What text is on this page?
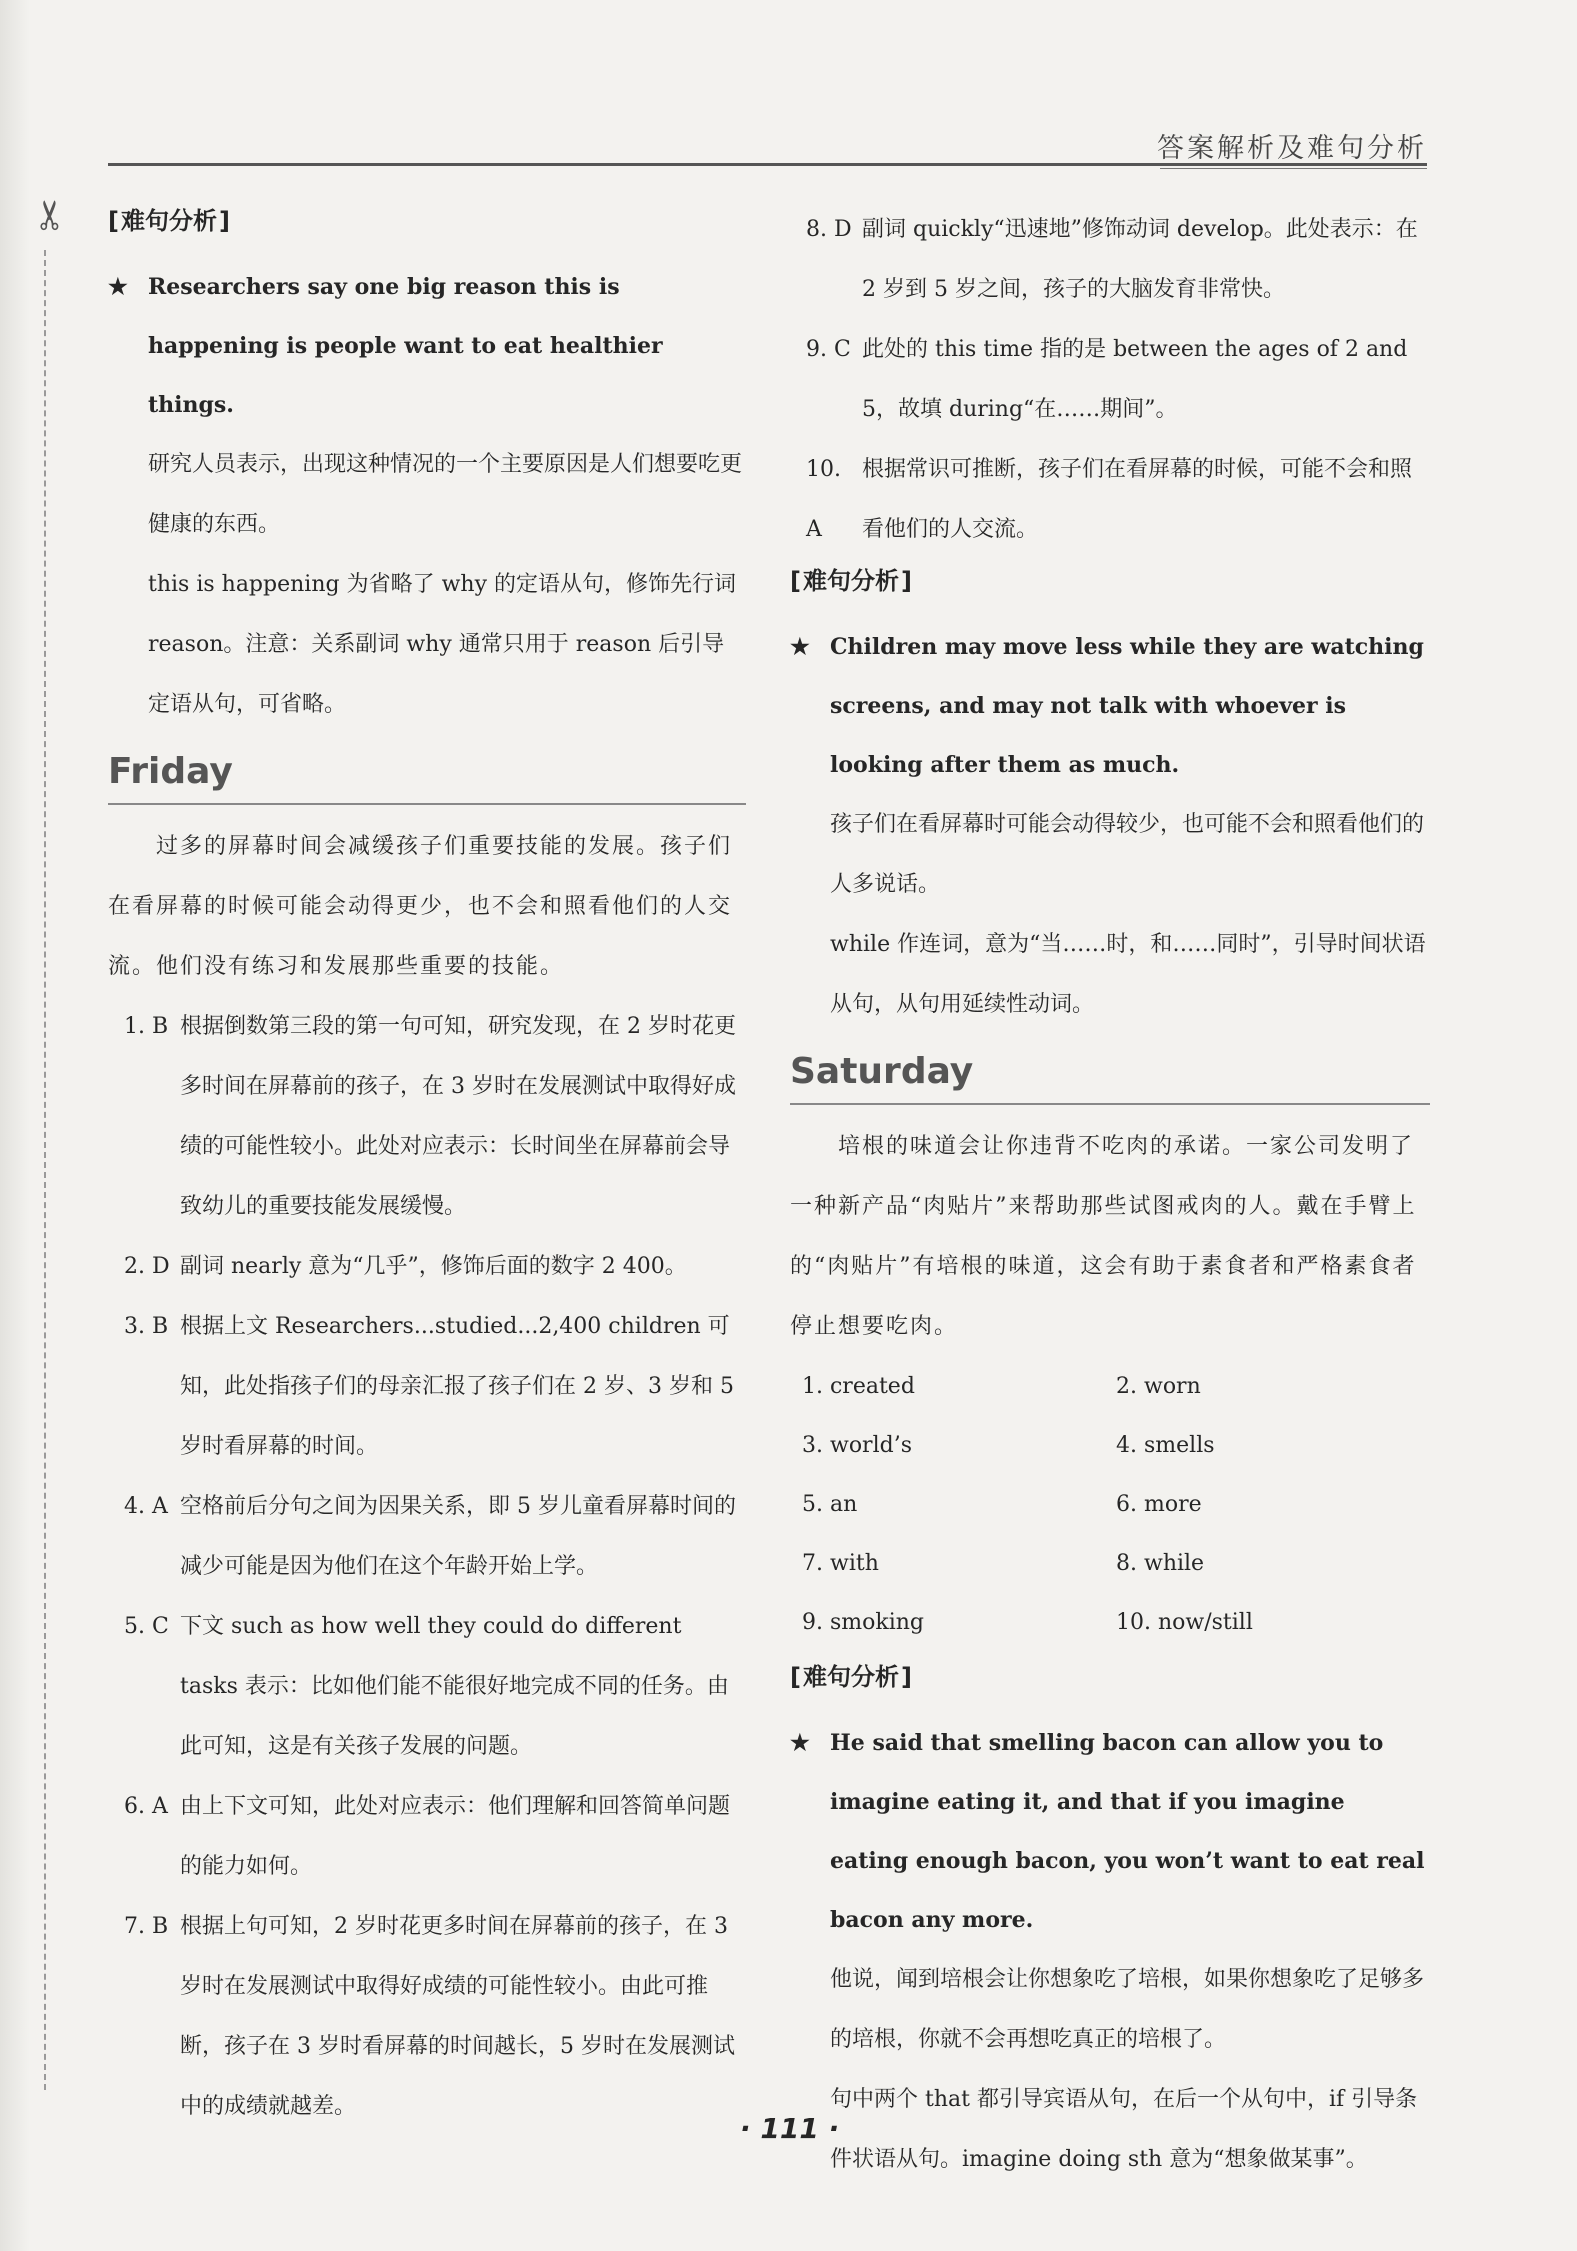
答案解析及难句分析
✂ [难句分析]
★ Researchers say one big reason this is happening is people want to eat healthier things.

研究人员表示，出现这种情况的一个主要原因是人们想要吃更健康的东西。

this is happening 为省略了 why 的定语从句，修饰先行词 reason。注意：关系副词 why 通常只用于 reason 后引导定语从句，可省略。

Friday
过多的屏幕时间会减缓孩子们重要技能的发展。孩子们在看屏幕的时候可能会动得更少，也不会和照看他们的人交流。他们没有练习和发展那些重要的技能。
1. B 根据倒数第三段的第一句可知，研究发现，在 2 岁时花更多时间在屏幕前的孩子，在 3 岁时在发展测试中取得好成绩的可能性较小。此处对应表示：长时间坐在屏幕前会导致幼儿的重要技能发展缓慢。
2. D 副词 nearly 意为“几乎”，修饰后面的数字 2 400。
3. B 根据上文 Researchers...studied...2,400 children 可知，此处指孩子们的母亲汇报了孩子们在 2 岁、3 岁和 5 岁时看屏幕的时间。
4. A 空格前后分句之间为因果关系，即 5 岁儿童看屏幕时间的减少可能是因为他们在这个年龄开始上学。
5. C 下文 such as how well they could do different tasks 表示：比如他们能不能很好地完成不同的任务。由此可知，这是有关孩子发展的问题。
6. A 由上下文可知，此处对应表示：他们理解和回答简单问题的能力如何。
7. B 根据上句可知，2 岁时花更多时间在屏幕前的孩子，在 3 岁时在发展测试中取得好成绩的可能性较小。由此可推断，孩子在 3 岁时看屏幕的时间越长，5 岁时在发展测试中的成绩就越差。
8. D 副词 quickly“迅速地”修饰动词 develop。此处表示：在 2 岁到 5 岁之间，孩子的大脑发育非常快。
9. C 此处的 this time 指的是 between the ages of 2 and 5，故填 during“在……期间”。
10. A
根据常识可推断，孩子们在看屏幕的时候，可能不会和照看他们的人交流。
[难句分析]
★ Children may move less while they are watching screens, and may not talk with whoever is looking after them as much.

孩子们在看屏幕时可能会动得较少，也可能不会和照看他们的人多说话。

while 作连词，意为“当……时，和……同时”，引导时间状语从句，从句用延续性动词。

Saturday
培根的味道会让你违背不吃肉的承诺。一家公司发明了一种新产品“肉贴片”来帮助那些试图戒肉的人。戴在手臂上的“肉贴片”有培根的味道，这会有助于素食者和严格素食者停止想要吃肉。
1. created	2. worn
3. world’s	4. smells
5. an	6. more
7. with	8. while
9. smoking	10. now/still
[难句分析]
★ He said that smelling bacon can allow you to imagine eating it, and that if you imagine eating enough bacon, you won’t want to eat real bacon any more.

他说，闻到培根会让你想象吃了培根，如果你想象吃了足够多的培根，你就不会再想吃真正的培根了。

句中两个 that 都引导宾语从句，在后一个从句中，if 引导条件状语从句。imagine doing sth 意为“想象做某事”。

· 111 ·
